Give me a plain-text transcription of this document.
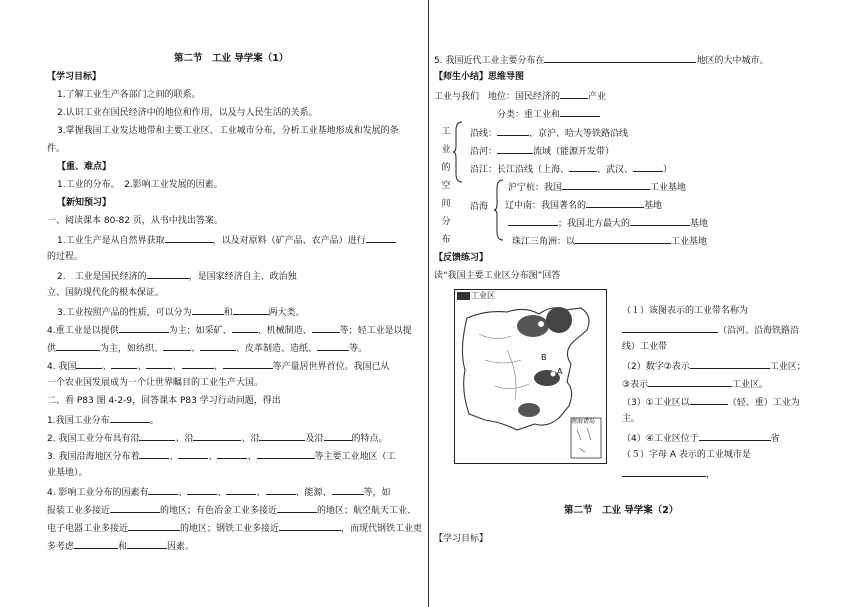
第二节　工业 导学案（1）
【学习目标】
1.了解工业生产各部门之间的联系。
2.认识工业在国民经济中的地位和作用，以及与人民生活的关系。
3.掌握我国工业发达地带和主要工业区、工业城市分布，分析工业基地形成和发展的条
件。
【重、难点】
1.工业的分布。　2.影响工业发展的因素。
【新知预习】
一、阅读课本 80-82 页，从书中找出答案。
1.工业生产是从自然界获取	，以及对原料（矿产品、农产品）进行
的过程。
2.　工业是国民经济的	，是国家经济自主、政治独
立、国防现代化的根本保证。
3.工业按照产品的性质，可以分为	和	两大类。
4.重工业是以提供	为主；如采矿、	、机械制造、	等；轻工业是以提
供	为主，如纺织、	、	、皮革制造、造纸、	等。
4. 我国	、	、	、	、	等产量居世界首位。我国已从
一个农业国发展成为一个让世界瞩目的工业生产大国。
二、看 P83 图 4-2-9，回答课本 P83 学习行动问题，得出
1.我国工业分布	。
2. 我国工业分布具有沿	、沿	、沿	及沿	的特点。
3. 我国沿海地区分布着	、	、	、	等主要工业地区（工
业基地）。
4. 影响工业分布的因素有	、	、	、	、能源、	等，如
报装工业多接近	的地区；有色冶金工业多接近	的地区；航空航天工业、
电子电器工业多接近	的地区；钢铁工业多接近	，而现代钢铁工业更
多考虑	和	因素。
5. 我国近代工业主要分布在	地区的大中城市。
【师生小结】思维导图
工业与我们　地位：国民经济的	产业
分类：重工业和
工
业
的
空
间
分
布
沿线：	、京沪、哈大等铁路沿线
沿河：	流域（能源开发带）
沿江：长江沿线（上海、	、武汉、	）
沿海
沪宁杭：我国	工业基地
辽中南：我国著名的	基地
；我国北方最大的	基地
珠江三角洲：以	工业基地
【反馈练习】
读“我国主要工业区分布图”回答
工业区
B
A
南海诸岛
（１）该图表示的工业带名称为
（沿河、沿海铁路沿
线）工业带
（2）数字②表示	工业区；
③表示	工业区。
（3）①工业区以	（轻、重）工业为
主。
（4）④工业区位于	省
（５）字母 A 表示的工业城市是
，
第二节　工业 导学案（2）
【学习目标】
